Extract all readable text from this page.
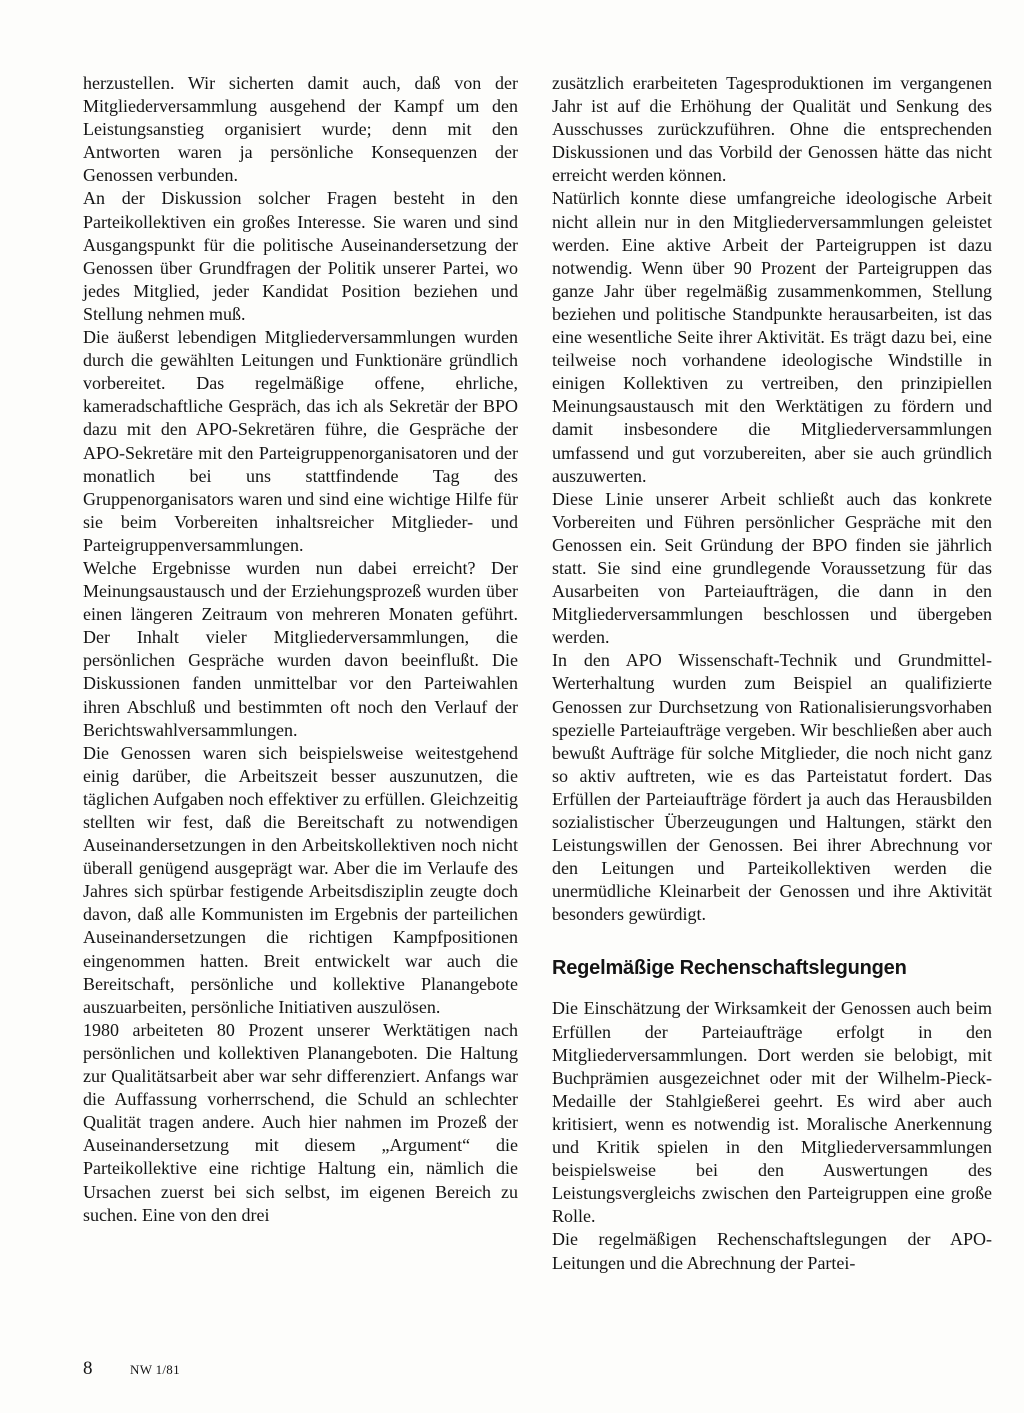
herzustellen. Wir sicherten damit auch, daß von der Mitgliederversammlung ausgehend der Kampf um den Leistungsanstieg organisiert wurde; denn mit den Antworten waren ja persönliche Konsequenzen der Genossen verbunden.

An der Diskussion solcher Fragen besteht in den Parteikollektiven ein großes Interesse. Sie waren und sind Ausgangspunkt für die politische Auseinandersetzung der Genossen über Grundfragen der Politik unserer Partei, wo jedes Mitglied, jeder Kandidat Position beziehen und Stellung nehmen muß.

Die äußerst lebendigen Mitgliederversammlungen wurden durch die gewählten Leitungen und Funktionäre gründlich vorbereitet. Das regelmäßige offene, ehrliche, kameradschaftliche Gespräch, das ich als Sekretär der BPO dazu mit den APO-Sekretären führe, die Gespräche der APO-Sekretäre mit den Parteigruppenorganisatoren und der monatlich bei uns stattfindende Tag des Gruppenorganisators waren und sind eine wichtige Hilfe für sie beim Vorbereiten inhaltsreicher Mitglieder- und Parteigruppenversammlungen.

Welche Ergebnisse wurden nun dabei erreicht? Der Meinungsaustausch und der Erziehungsprozeß wurden über einen längeren Zeitraum von mehreren Monaten geführt. Der Inhalt vieler Mitgliederversammlungen, die persönlichen Gespräche wurden davon beeinflußt. Die Diskussionen fanden unmittelbar vor den Parteiwahlen ihren Abschluß und bestimmten oft noch den Verlauf der Berichtswahlversammlungen.

Die Genossen waren sich beispielsweise weitestgehend einig darüber, die Arbeitszeit besser auszunutzen, die täglichen Aufgaben noch effektiver zu erfüllen. Gleichzeitig stellten wir fest, daß die Bereitschaft zu notwendigen Auseinandersetzungen in den Arbeitskollektiven noch nicht überall genügend ausgeprägt war. Aber die im Verlaufe des Jahres sich spürbar festigende Arbeitsdisziplin zeugte doch davon, daß alle Kommunisten im Ergebnis der parteilichen Auseinandersetzungen die richtigen Kampfpositionen eingenommen hatten. Breit entwickelt war auch die Bereitschaft, persönliche und kollektive Planangebote auszuarbeiten, persönliche Initiativen auszulösen.

1980 arbeiteten 80 Prozent unserer Werktätigen nach persönlichen und kollektiven Planangeboten. Die Haltung zur Qualitätsarbeit aber war sehr differenziert. Anfangs war die Auffassung vorherrschend, die Schuld an schlechter Qualität tragen andere. Auch hier nahmen im Prozeß der Auseinandersetzung mit diesem „Argument“ die Parteikollektive eine richtige Haltung ein, nämlich die Ursachen zuerst bei sich selbst, im eigenen Bereich zu suchen. Eine von den drei

zusätzlich erarbeiteten Tagesproduktionen im vergangenen Jahr ist auf die Erhöhung der Qualität und Senkung des Ausschusses zurückzuführen. Ohne die entsprechenden Diskussionen und das Vorbild der Genossen hätte das nicht erreicht werden können.

Natürlich konnte diese umfangreiche ideologische Arbeit nicht allein nur in den Mitgliederversammlungen geleistet werden. Eine aktive Arbeit der Parteigruppen ist dazu notwendig. Wenn über 90 Prozent der Parteigruppen das ganze Jahr über regelmäßig zusammenkommen, Stellung beziehen und politische Standpunkte herausarbeiten, ist das eine wesentliche Seite ihrer Aktivität. Es trägt dazu bei, eine teilweise noch vorhandene ideologische Windstille in einigen Kollektiven zu vertreiben, den prinzipiellen Meinungsaustausch mit den Werktätigen zu fördern und damit insbesondere die Mitgliederversammlungen umfassend und gut vorzubereiten, aber sie auch gründlich auszuwerten.

Diese Linie unserer Arbeit schließt auch das konkrete Vorbereiten und Führen persönlicher Gespräche mit den Genossen ein. Seit Gründung der BPO finden sie jährlich statt. Sie sind eine grundlegende Voraussetzung für das Ausarbeiten von Parteiaufträgen, die dann in den Mitgliederversammlungen beschlossen und übergeben werden.

In den APO Wissenschaft-Technik und Grundmittel-Werterhaltung wurden zum Beispiel an qualifizierte Genossen zur Durchsetzung von Rationalisierungsvorhaben spezielle Parteiaufträge vergeben. Wir beschließen aber auch bewußt Aufträge für solche Mitglieder, die noch nicht ganz so aktiv auftreten, wie es das Parteistatut fordert. Das Erfüllen der Parteiaufträge fördert ja auch das Herausbilden sozialistischer Überzeugungen und Haltungen, stärkt den Leistungswillen der Genossen. Bei ihrer Abrechnung vor den Leitungen und Parteikollektiven werden die unermüdliche Kleinarbeit der Genossen und ihre Aktivität besonders gewürdigt.

Regelmäßige Rechenschaftslegungen

Die Einschätzung der Wirksamkeit der Genossen auch beim Erfüllen der Parteiaufträge erfolgt in den Mitgliederversammlungen. Dort werden sie belobigt, mit Buchprämien ausgezeichnet oder mit der Wilhelm-Pieck-Medaille der Stahlgießerei geehrt. Es wird aber auch kritisiert, wenn es notwendig ist. Moralische Anerkennung und Kritik spielen in den Mitgliederversammlungen beispielsweise bei den Auswertungen des Leistungsvergleichs zwischen den Parteigruppen eine große Rolle.

Die regelmäßigen Rechenschaftslegungen der APO-Leitungen und die Abrechnung der Partei-

8	NW 1/81
